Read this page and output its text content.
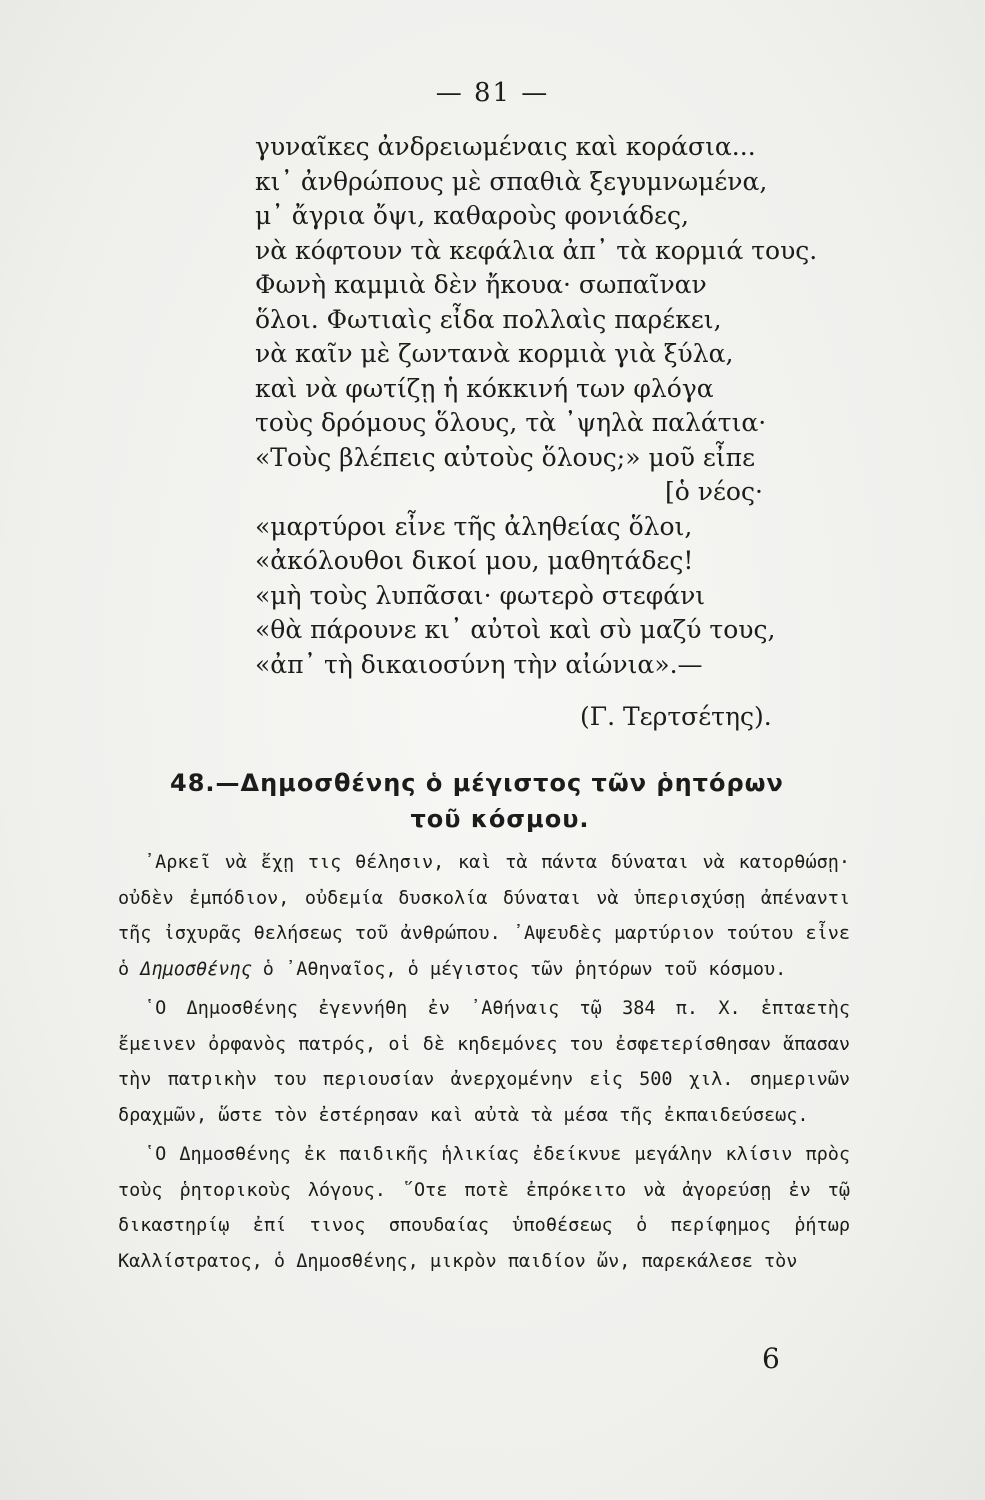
— 81 —
γυναῖκες ἀνδρειωμέναις καὶ κοράσια...
κι᾿ ἀνθρώπους μὲ σπαθιὰ ξεγυμνωμένα,
μ᾿ ἄγρια ὄψι, καθαροὺς φονιάδες,
νὰ κόφτουν τὰ κεφάλια ἀπ᾿ τὰ κορμιά τους.
Φωνὴ καμμιὰ δὲν ἤκουα· σωπαῖναν
ὅλοι. Φωτιαὶς εἶδα πολλαὶς παρέκει,
νὰ καῖν μὲ ζωντανὰ κορμιὰ γιὰ ξύλα,
καὶ νὰ φωτίζῃ ἡ κόκκινή των φλόγα
τοὺς δρόμους ὅλους, τὰ ᾿ψηλὰ παλάτια·
«Τοὺς βλέπεις αὐτοὺς ὅλους;» μοῦ εἶπε
[ὁ νέος·
«μαρτύροι εἶνε τῆς ἀληθείας ὅλοι,
«ἀκόλουθοι δικοί μου, μαθητάδες!
«μὴ τοὺς λυπᾶσαι· φωτερὸ στεφάνι
«θὰ πάρουνε κι᾿ αὐτοὶ καὶ σὺ μαζύ τους,
«ἀπ᾿ τὴ δικαιοσύνη τὴν αἰώνια».—
(Γ. Τερτσέτης).
48.—Δημοσθένης ὁ μέγιστος τῶν ῥητόρων
τοῦ κόσμου.

᾿Αρκεῖ νὰ ἔχῃ τις θέλησιν, καὶ τὰ πάντα δύναται νὰ κατορθώσῃ· οὐδὲν ἐμπόδιον, οὐδεμία δυσκολία δύναται νὰ ὑπερισχύσῃ ἀπέναντι τῆς ἰσχυρᾶς θελήσεως τοῦ ἀνθρώπου. ᾿Αψευδὲς μαρτύριον τούτου εἶνε ὁ Δημοσθένης ὁ ᾿Αθηναῖος, ὁ μέγιστος τῶν ῥητόρων τοῦ κόσμου.

῾Ο Δημοσθένης ἐγεννήθη ἐν ᾿Αθήναις τῷ 384 π. Χ. ἑπταετὴς ἔμεινεν ὀρφανὸς πατρός, οἱ δὲ κηδεμόνες του ἐσφετερίσθησαν ἅπασαν τὴν πατρικὴν του περιουσίαν ἀνερχομένην εἰς 500 χιλ. σημερινῶν δραχμῶν, ὥστε τὸν ἐστέρησαν καὶ αὐτὰ τὰ μέσα τῆς ἐκπαιδεύσεως.

῾Ο Δημοσθένης ἐκ παιδικῆς ἡλικίας ἐδείκνυε μεγάλην κλίσιν πρὸς τοὺς ῥητορικοὺς λόγους. ῞Οτε ποτὲ ἐπρόκειτο νὰ ἀγορεύσῃ ἐν τῷ δικαστηρίῳ ἐπί τινος σπουδαίας ὑποθέσεως ὁ περίφημος ῥήτωρ Καλλίστρατος, ὁ Δημοσθένης, μικρὸν παιδίον ὤν, παρεκάλεσε τὸν

6
